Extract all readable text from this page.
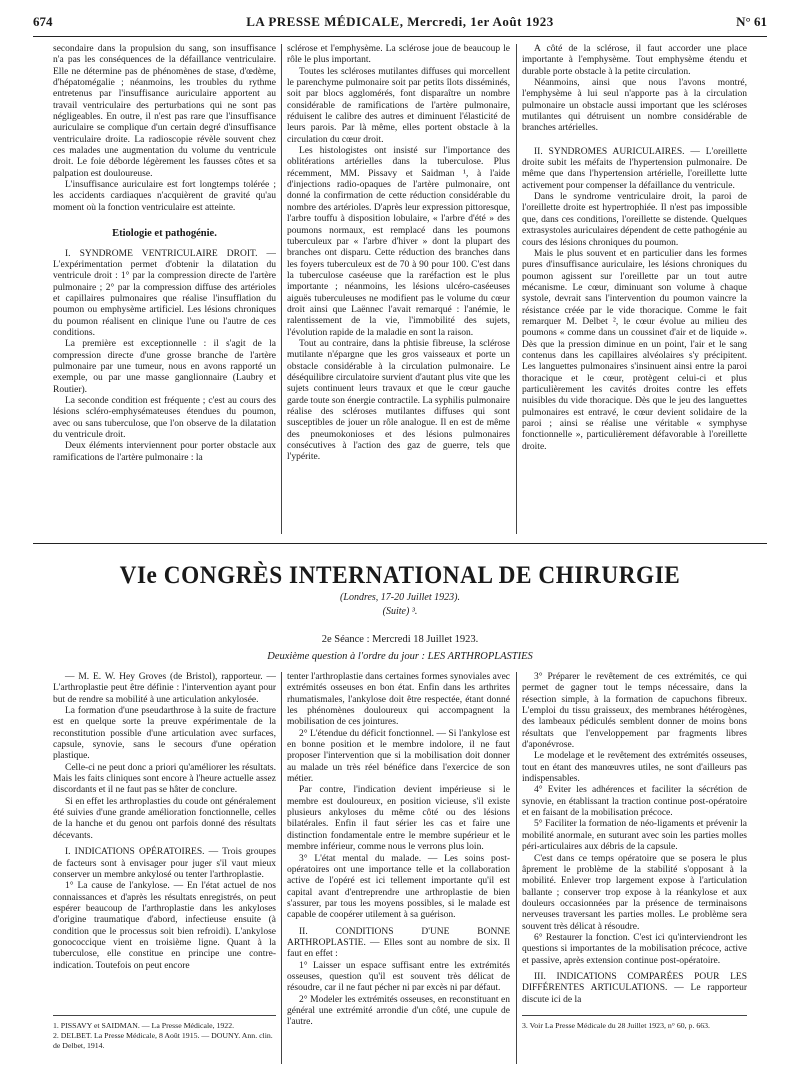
674	LA PRESSE MÉDICALE, Mercredi, 1er Août 1923	N° 61

secondaire dans la propulsion du sang, son insuffisance n'a pas les conséquences de la défaillance ventriculaire. Elle ne détermine pas de phénomènes de stase, d'œdème, d'hépatomégalie ; néanmoins, les troubles du rythme entretenus par l'insuffisance auriculaire apportent au travail ventriculaire des perturbations qui ne sont pas négligeables. En outre, il n'est pas rare que l'insuffisance auriculaire se complique d'un certain degré d'insuffisance ventriculaire droite. La radioscopie révèle souvent chez ces malades une augmentation du volume du ventricule droit. Le foie déborde légèrement les fausses côtes et sa palpation est douloureuse.

L'insuffisance auriculaire est fort longtemps tolérée ; les accidents cardiaques n'acquièrent de gravité qu'au moment où la fonction ventriculaire est atteinte.

Etiologie et pathogénie.

I. SYNDROME VENTRICULAIRE DROIT. — L'expérimentation permet d'obtenir la dilatation du ventricule droit : 1° par la compression directe de l'artère pulmonaire ; 2° par la compression diffuse des artérioles et capillaires pulmonaires que réalise l'insufflation du poumon ou emphysème artificiel. Les lésions chroniques du poumon réalisent en clinique l'une ou l'autre de ces conditions.

La première est exceptionnelle : il s'agit de la compression directe d'une grosse branche de l'artère pulmonaire par une tumeur, nous en avons rapporté un exemple, ou par une masse ganglionnaire (Laubry et Routier).

La seconde condition est fréquente ; c'est au cours des lésions scléro-emphysémateuses étendues du poumon, avec ou sans tuberculose, que l'on observe de la dilatation du ventricule droit.

Deux éléments interviennent pour porter obstacle aux ramifications de l'artère pulmonaire : la

sclérose et l'emphysème. La sclérose joue de beaucoup le rôle le plus important.

Toutes les scléroses mutilantes diffuses qui morcellent le parenchyme pulmonaire soit par petits îlots disséminés, soit par blocs agglomérés, font disparaître un nombre considérable de ramifications de l'artère pulmonaire, réduisent le calibre des autres et diminuent l'élasticité de leurs parois. Par là même, elles portent obstacle à la circulation du cœur droit.

Les histologistes ont insisté sur l'importance des oblitérations artérielles dans la tuberculose. Plus récemment, MM. Pissavy et Saidman ¹, à l'aide d'injections radio-opaques de l'artère pulmonaire, ont donné la confirmation de cette réduction considérable du nombre des artérioles. D'après leur expression pittoresque, l'arbre touffu à disposition lobulaire, « l'arbre d'été » des poumons normaux, est remplacé dans les poumons tuberculeux par « l'arbre d'hiver » dont la plupart des branches ont disparu. Cette réduction des branches dans les foyers tuberculeux est de 70 à 90 pour 100. C'est dans la tuberculose caséeuse que la raréfaction est le plus importante ; néanmoins, les lésions ulcéro-caséeuses aiguës tuberculeuses ne modifient pas le volume du cœur droit ainsi que Laënnec l'avait remarqué : l'anémie, le ralentissement de la vie, l'immobilité des sujets, l'évolution rapide de la maladie en sont la raison.

Tout au contraire, dans la phtisie fibreuse, la sclérose mutilante n'épargne que les gros vaisseaux et porte un obstacle considérable à la circulation pulmonaire. Le déséquilibre circulatoire survient d'autant plus vite que les sujets continuent leurs travaux et que le cœur gauche garde toute son énergie contractile. La syphilis pulmonaire réalise des scléroses mutilantes diffuses qui sont susceptibles de jouer un rôle analogue. Il en est de même des pneumokonioses et des lésions pulmonaires consécutives à l'action des gaz de guerre, tels que l'ypérite.

A côté de la sclérose, il faut accorder une place importante à l'emphysème. Tout emphysème étendu et durable porte obstacle à la petite circulation.

Néanmoins, ainsi que nous l'avons montré, l'emphysème à lui seul n'apporte pas à la circulation pulmonaire un obstacle aussi important que les scléroses mutilantes qui détruisent un nombre considérable de branches artérielles.

II. SYNDROMES AURICULAIRES. — L'oreillette droite subit les méfaits de l'hypertension pulmonaire. De même que dans l'hypertension artérielle, l'oreillette lutte activement pour compenser la défaillance du ventricule.

Dans le syndrome ventriculaire droit, la paroi de l'oreillette droite est hypertrophiée. Il n'est pas impossible que, dans ces conditions, l'oreillette se distende. Quelques extrasystoles auriculaires dépendent de cette pathogénie au cours des lésions chroniques du poumon.

Mais le plus souvent et en particulier dans les formes pures d'insuffisance auriculaire, les lésions chroniques du poumon agissent sur l'oreillette par un tout autre mécanisme. Le cœur, diminuant son volume à chaque systole, devrait sans l'intervention du poumon vaincre la résistance créée par le vide thoracique. Comme le fait remarquer M. Delbet ², le cœur évolue au milieu des poumons « comme dans un coussinet d'air et de liquide ». Dès que la pression diminue en un point, l'air et le sang contenus dans les capillaires alvéolaires s'y précipitent. Les languettes pulmonaires s'insinuent ainsi entre la paroi thoracique et le cœur, protègent celui-ci et plus particulièrement les cavités droites contre les effets nuisibles du vide thoracique. Dès que le jeu des languettes pulmonaires est entravé, le cœur devient solidaire de la paroi ; ainsi se réalise une véritable « symphyse fonctionnelle », particulièrement défavorable à l'oreillette droite.

VIe CONGRÈS INTERNATIONAL DE CHIRURGIE
(Londres, 17-20 Juillet 1923).
(Suite) ³.
2e Séance : Mercredi 18 Juillet 1923.
Deuxième question à l'ordre du jour : LES ARTHROPLASTIES

— M. E. W. Hey Groves (de Bristol), rapporteur. — L'arthroplastie peut être définie : l'intervention ayant pour but de rendre sa mobilité à une articulation ankylosée.

La formation d'une pseudarthrose à la suite de fracture est en quelque sorte la preuve expérimentale de la reconstitution possible d'une articulation avec surfaces, capsule, synovie, sans le secours d'une opération plastique.

Celle-ci ne peut donc a priori qu'améliorer les résultats. Mais les faits cliniques sont encore à l'heure actuelle assez discordants et il ne faut pas se hâter de conclure.

Si en effet les arthroplasties du coude ont généralement été suivies d'une grande amélioration fonctionnelle, celles de la hanche et du genou ont parfois donné des résultats décevants.

I. INDICATIONS OPÉRATOIRES. — Trois groupes de facteurs sont à envisager pour juger s'il vaut mieux conserver un membre ankylosé ou tenter l'arthroplastie.

1° La cause de l'ankylose. — En l'état actuel de nos connaissances et d'après les résultats enregistrés, on peut espérer beaucoup de l'arthroplastie dans les ankyloses d'origine traumatique d'abord, infectieuse ensuite (à condition que le processus soit bien refroidi). L'ankylose gonococcique vient en troisième ligne. Quant à la tuberculose, elle constitue en principe une contre-indication. Toutefois on peut encore

tenter l'arthroplastie dans certaines formes synoviales avec extrémités osseuses en bon état. Enfin dans les arthrites rhumatismales, l'ankylose doit être respectée, étant donné les phénomènes douloureux qui accompagnent la mobilisation de ces jointures.

2° L'étendue du déficit fonctionnel. — Si l'ankylose est en bonne position et le membre indolore, il ne faut proposer l'intervention que si la mobilisation doit donner au malade un très réel bénéfice dans l'exercice de son métier.

Par contre, l'indication devient impérieuse si le membre est douloureux, en position vicieuse, s'il existe plusieurs ankyloses du même côté ou des lésions bilatérales. Enfin il faut sérier les cas et faire une distinction fondamentale entre le membre supérieur et le membre inférieur, comme nous le verrons plus loin.

3° L'état mental du malade. — Les soins post-opératoires ont une importance telle et la collaboration active de l'opéré est ici tellement importante qu'il est capital avant d'entreprendre une arthroplastie de bien s'assurer, par tous les moyens possibles, si le malade est capable de coopérer utilement à sa guérison.

II. CONDITIONS D'UNE BONNE ARTHROPLASTIE. — Elles sont au nombre de six. Il faut en effet :

1° Laisser un espace suffisant entre les extrémités osseuses, question qu'il est souvent très délicat de résoudre, car il ne faut pécher ni par excès ni par défaut.

2° Modeler les extrémités osseuses, en reconstituant en général une extrémité arrondie d'un côté, une cupule de l'autre.

3° Préparer le revêtement de ces extrémités, ce qui permet de gagner tout le temps nécessaire, dans la résection simple, à la formation de capuchons fibreux. L'emploi du tissu graisseux, des membranes hétérogènes, des lambeaux pédiculés semblent donner de moins bons résultats que l'enveloppement par fragments libres d'aponévrose.

Le modelage et le revêtement des extrémités osseuses, tout en étant des manœuvres utiles, ne sont d'ailleurs pas indispensables.

4° Eviter les adhérences et faciliter la sécrétion de synovie, en établissant la traction continue post-opératoire et en faisant de la mobilisation précoce.

5° Faciliter la formation de néo-ligaments et prévenir la mobilité anormale, en suturant avec soin les parties molles péri-articulaires aux débris de la capsule.

C'est dans ce temps opératoire que se posera le plus âprement le problème de la stabilité s'opposant à la mobilité. Enlever trop largement expose à l'articulation ballante ; conserver trop expose à la réankylose et aux douleurs occasionnées par la présence de terminaisons nerveuses traversant les parties molles. Le problème sera souvent très délicat à résoudre.

6° Restaurer la fonction. C'est ici qu'interviendront les questions si importantes de la mobilisation précoce, active et passive, après extension continue post-opératoire.

III. INDICATIONS COMPARÉES POUR LES DIFFÉRENTES ARTICULATIONS. — Le rapporteur discute ici de la

1. PISSAVY et SAIDMAN. — La Presse Médicale, 1922.

2. DELBET. La Presse Médicale, 8 Août 1915. — DOUNY. Ann. clin. de Delbet, 1914.

3. Voir La Presse Médicale du 28 Juillet 1923, n° 60, p. 663.
